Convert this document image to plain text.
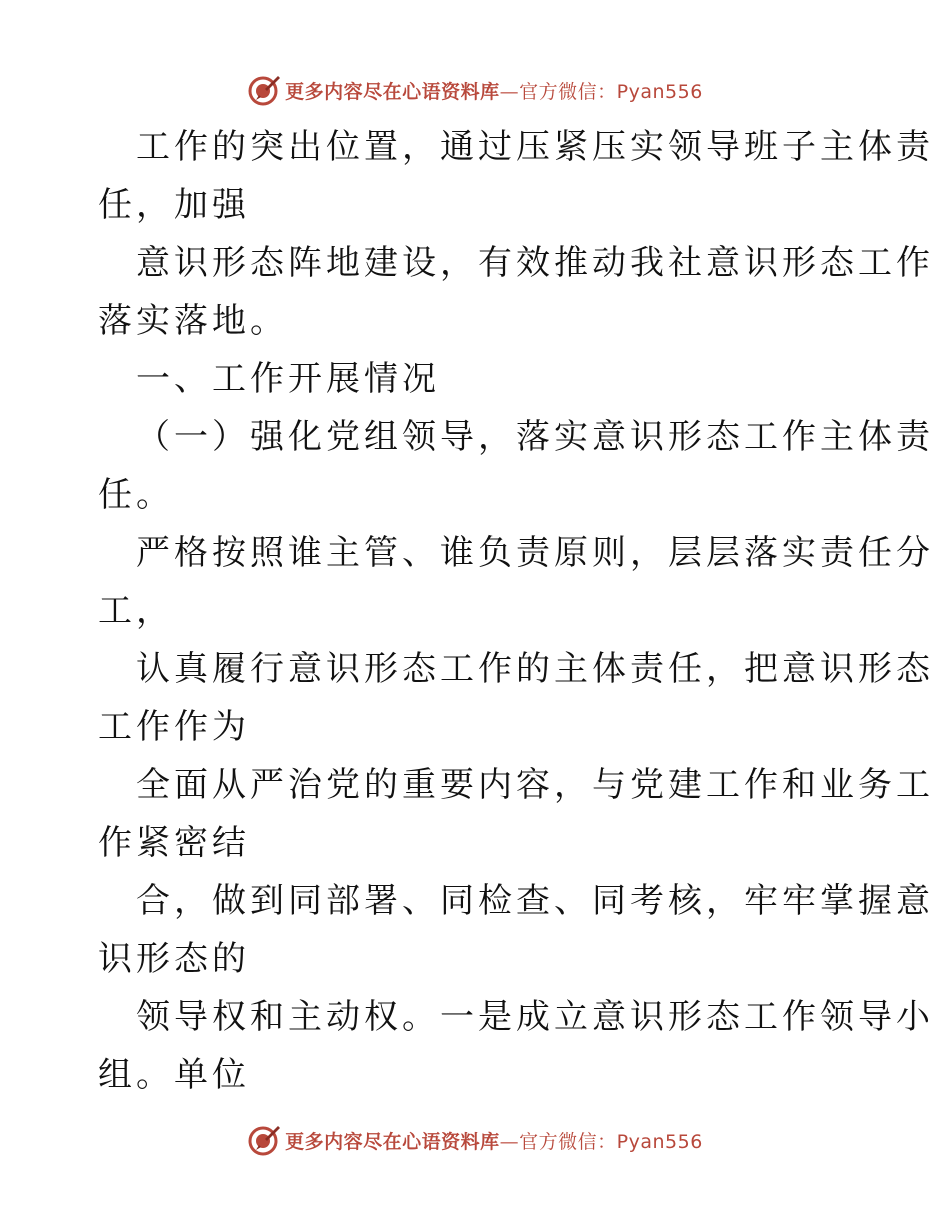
更多内容尽在心语资料库—官方微信：Pyan556
工作的突出位置，通过压紧压实领导班子主体责
任，加强
意识形态阵地建设，有效推动我社意识形态工作
落实落地。
一、工作开展情况
（一）强化党组领导，落实意识形态工作主体责
任。
严格按照谁主管、谁负责原则，层层落实责任分
工，
认真履行意识形态工作的主体责任，把意识形态
工作作为
全面从严治党的重要内容，与党建工作和业务工
作紧密结
合，做到同部署、同检查、同考核，牢牢掌握意
识形态的
领导权和主动权。一是成立意识形态工作领导小
组。单位
更多内容尽在心语资料库—官方微信：Pyan556
